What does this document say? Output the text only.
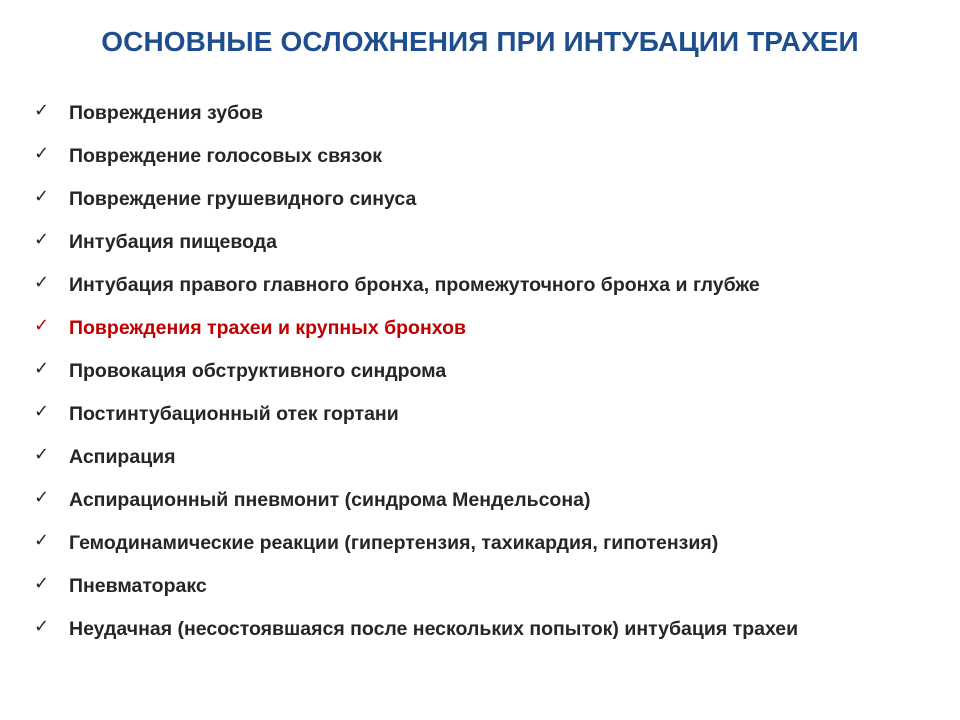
ОСНОВНЫЕ ОСЛОЖНЕНИЯ ПРИ ИНТУБАЦИИ ТРАХЕИ
✓ Повреждения зубов
✓ Повреждение голосовых связок
✓ Повреждение грушевидного синуса
✓ Интубация пищевода
✓ Интубация правого главного бронха, промежуточного бронха и глубже
✓ Повреждения трахеи и крупных бронхов
✓ Провокация обструктивного синдрома
✓ Постинтубационный отек гортани
✓ Аспирация
✓ Аспирационный пневмонит (синдрома Мендельсона)
✓ Гемодинамические реакции (гипертензия, тахикардия, гипотензия)
✓ Пневматоракс
✓ Неудачная (несостоявшаяся после нескольких попыток) интубация трахеи
